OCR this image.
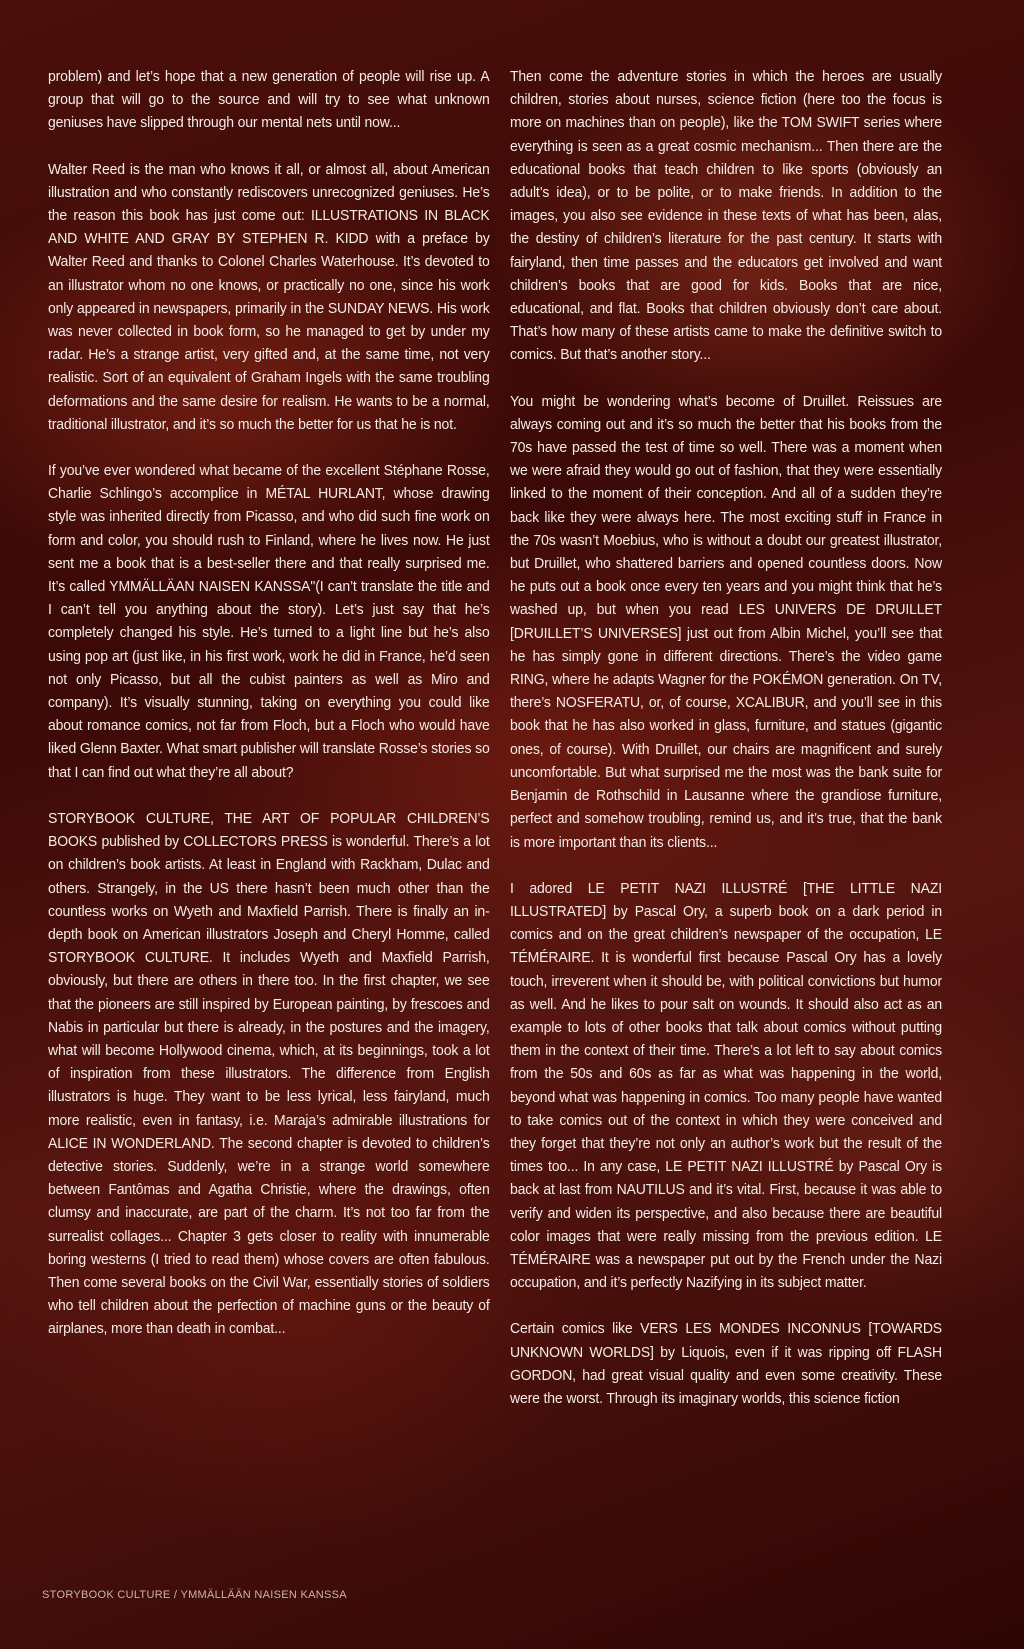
problem) and let’s hope that a new generation of people will rise up. A group that will go to the source and will try to see what unknown geniuses have slipped through our mental nets until now...

Walter Reed is the man who knows it all, or almost all, about American illustration and who constantly rediscovers unrecognized geniuses. He’s the reason this book has just come out: ILLUSTRATIONS IN BLACK AND WHITE AND GRAY BY STEPHEN R. KIDD with a preface by Walter Reed and thanks to Colonel Charles Waterhouse. It’s devoted to an illustrator whom no one knows, or practically no one, since his work only appeared in newspapers, primarily in the SUNDAY NEWS. His work was never collected in book form, so he managed to get by under my radar. He’s a strange artist, very gifted and, at the same time, not very realistic. Sort of an equivalent of Graham Ingels with the same troubling deformations and the same desire for realism. He wants to be a normal, traditional illustrator, and it’s so much the better for us that he is not.

If you’ve ever wondered what became of the excellent Stéphane Rosse, Charlie Schlingo’s accomplice in MÉTAL HURLANT, whose drawing style was inherited directly from Picasso, and who did such fine work on form and color, you should rush to Finland, where he lives now. He just sent me a book that is a best-seller there and that really surprised me. It’s called YMMÄLLÄAN NAISEN KANSSA"(I can’t translate the title and I can’t tell you anything about the story). Let’s just say that he’s completely changed his style. He’s turned to a light line but he’s also using pop art (just like, in his first work, work he did in France, he’d seen not only Picasso, but all the cubist painters as well as Miro and company). It’s visually stunning, taking on everything you could like about romance comics, not far from Floch, but a Floch who would have liked Glenn Baxter. What smart publisher will translate Rosse’s stories so that I can find out what they’re all about?

STORYBOOK CULTURE, THE ART OF POPULAR CHILDREN’S BOOKS published by COLLECTORS PRESS is wonderful. There’s a lot on children’s book artists. At least in England with Rackham, Dulac and others. Strangely, in the US there hasn’t been much other than the countless works on Wyeth and Maxfield Parrish. There is finally an in-depth book on American illustrators Joseph and Cheryl Homme, called STORYBOOK CULTURE. It includes Wyeth and Maxfield Parrish, obviously, but there are others in there too. In the first chapter, we see that the pioneers are still inspired by European painting, by frescoes and Nabis in particular but there is already, in the postures and the imagery, what will become Hollywood cinema, which, at its beginnings, took a lot of inspiration from these illustrators. The difference from English illustrators is huge. They want to be less lyrical, less fairyland, much more realistic, even in fantasy, i.e. Maraja’s admirable illustrations for ALICE IN WONDERLAND. The second chapter is devoted to children’s detective stories. Suddenly, we’re in a strange world somewhere between Fantômas and Agatha Christie, where the drawings, often clumsy and inaccurate, are part of the charm. It’s not too far from the surrealist collages... Chapter 3 gets closer to reality with innumerable boring westerns (I tried to read them) whose covers are often fabulous. Then come several books on the Civil War, essentially stories of soldiers who tell children about the perfection of machine guns or the beauty of airplanes, more than death in combat...

Then come the adventure stories in which the heroes are usually children, stories about nurses, science fiction (here too the focus is more on machines than on people), like the TOM SWIFT series where everything is seen as a great cosmic mechanism... Then there are the educational books that teach children to like sports (obviously an adult’s idea), or to be polite, or to make friends. In addition to the images, you also see evidence in these texts of what has been, alas, the destiny of children’s literature for the past century. It starts with fairyland, then time passes and the educators get involved and want children’s books that are good for kids. Books that are nice, educational, and flat. Books that children obviously don’t care about. That’s how many of these artists came to make the definitive switch to comics. But that’s another story...

You might be wondering what’s become of Druillet. Reissues are always coming out and it’s so much the better that his books from the 70s have passed the test of time so well. There was a moment when we were afraid they would go out of fashion, that they were essentially linked to the moment of their conception. And all of a sudden they’re back like they were always here. The most exciting stuff in France in the 70s wasn’t Moebius, who is without a doubt our greatest illustrator, but Druillet, who shattered barriers and opened countless doors. Now he puts out a book once every ten years and you might think that he’s washed up, but when you read LES UNIVERS DE DRUILLET [DRUILLET’S UNIVERSES] just out from Albin Michel, you’ll see that he has simply gone in different directions. There’s the video game RING, where he adapts Wagner for the POKÉMON generation. On TV, there’s NOSFERATU, or, of course, XCALIBUR, and you’ll see in this book that he has also worked in glass, furniture, and statues (gigantic ones, of course). With Druillet, our chairs are magnificent and surely uncomfortable. But what surprised me the most was the bank suite for Benjamin de Rothschild in Lausanne where the grandiose furniture, perfect and somehow troubling, remind us, and it’s true, that the bank is more important than its clients...

I adored LE PETIT NAZI ILLUSTRÉ [THE LITTLE NAZI ILLUSTRATED] by Pascal Ory, a superb book on a dark period in comics and on the great children’s newspaper of the occupation, LE TÉMÉRAIRE. It is wonderful first because Pascal Ory has a lovely touch, irreverent when it should be, with political convictions but humor as well. And he likes to pour salt on wounds. It should also act as an example to lots of other books that talk about comics without putting them in the context of their time. There’s a lot left to say about comics from the 50s and 60s as far as what was happening in the world, beyond what was happening in comics. Too many people have wanted to take comics out of the context in which they were conceived and they forget that they’re not only an author’s work but the result of the times too... In any case, LE PETIT NAZI ILLUSTRÉ by Pascal Ory is back at last from NAUTILUS and it’s vital. First, because it was able to verify and widen its perspective, and also because there are beautiful color images that were really missing from the previous edition. LE TÉMÉRAIRE was a newspaper put out by the French under the Nazi occupation, and it’s perfectly Nazifying in its subject matter.

Certain comics like VERS LES MONDES INCONNUS [TOWARDS UNKNOWN WORLDS] by Liquois, even if it was ripping off FLASH GORDON, had great visual quality and even some creativity. These were the worst. Through its imaginary worlds, this science fiction

STORYBOOK CULTURE / YMMÄLLÄÄN NAISEN KANSSA
